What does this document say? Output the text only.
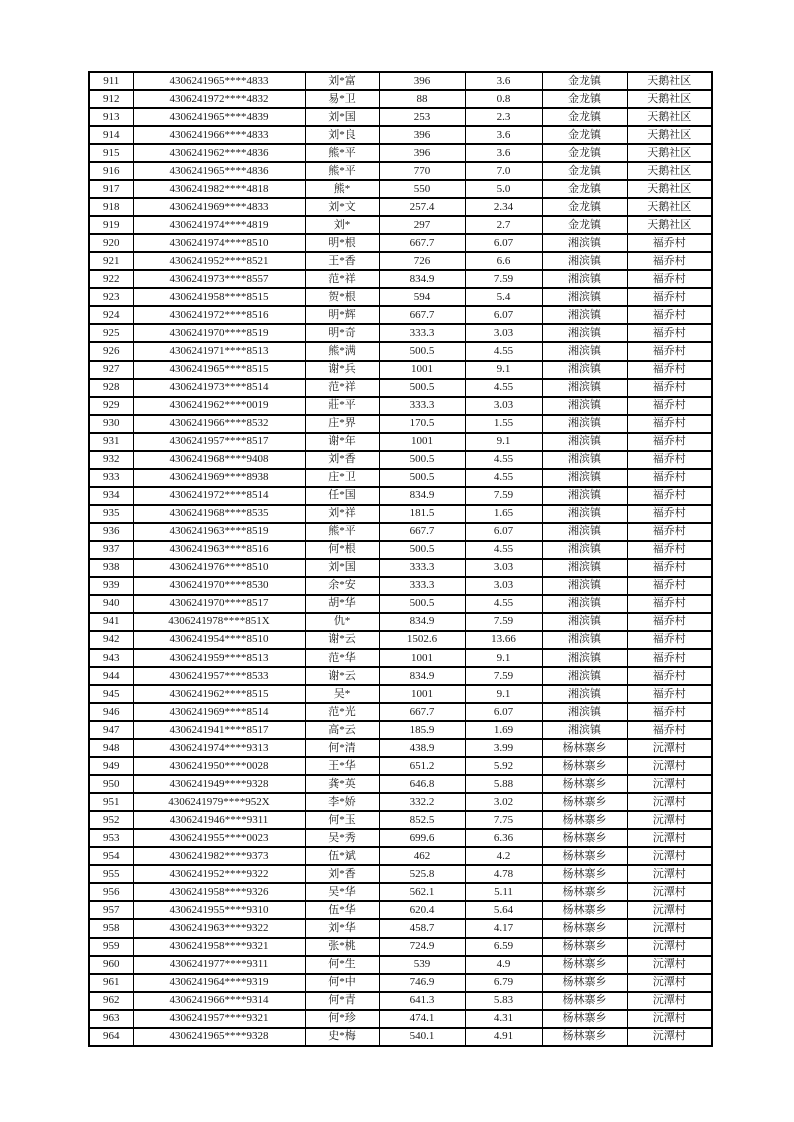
911	4306241965****4833	刘*富	396	3.6	金龙镇	天鹅社区
912	4306241972****4832	易*卫	88	0.8	金龙镇	天鹅社区
913	4306241965****4839	刘*国	253	2.3	金龙镇	天鹅社区
914	4306241966****4833	刘*良	396	3.6	金龙镇	天鹅社区
915	4306241962****4836	熊*平	396	3.6	金龙镇	天鹅社区
916	4306241965****4836	熊*平	770	7.0	金龙镇	天鹅社区
917	4306241982****4818	熊*	550	5.0	金龙镇	天鹅社区
918	4306241969****4833	刘*文	257.4	2.34	金龙镇	天鹅社区
919	4306241974****4819	刘*	297	2.7	金龙镇	天鹅社区
920	4306241974****8510	明*根	667.7	6.07	湘滨镇	福乔村
921	4306241952****8521	王*香	726	6.6	湘滨镇	福乔村
922	4306241973****8557	范*祥	834.9	7.59	湘滨镇	福乔村
923	4306241958****8515	贺*根	594	5.4	湘滨镇	福乔村
924	4306241972****8516	明*辉	667.7	6.07	湘滨镇	福乔村
925	4306241970****8519	明*奇	333.3	3.03	湘滨镇	福乔村
926	4306241971****8513	熊*满	500.5	4.55	湘滨镇	福乔村
927	4306241965****8515	谢*兵	1001	9.1	湘滨镇	福乔村
928	4306241973****8514	范*祥	500.5	4.55	湘滨镇	福乔村
929	4306241962****0019	莊*平	333.3	3.03	湘滨镇	福乔村
930	4306241966****8532	庄*界	170.5	1.55	湘滨镇	福乔村
931	4306241957****8517	谢*年	1001	9.1	湘滨镇	福乔村
932	4306241968****9408	刘*香	500.5	4.55	湘滨镇	福乔村
933	4306241969****8938	庄*卫	500.5	4.55	湘滨镇	福乔村
934	4306241972****8514	任*国	834.9	7.59	湘滨镇	福乔村
935	4306241968****8535	刘*祥	181.5	1.65	湘滨镇	福乔村
936	4306241963****8519	熊*平	667.7	6.07	湘滨镇	福乔村
937	4306241963****8516	何*根	500.5	4.55	湘滨镇	福乔村
938	4306241976****8510	刘*国	333.3	3.03	湘滨镇	福乔村
939	4306241970****8530	余*安	333.3	3.03	湘滨镇	福乔村
940	4306241970****8517	胡*华	500.5	4.55	湘滨镇	福乔村
941	4306241978****851X	仇*	834.9	7.59	湘滨镇	福乔村
942	4306241954****8510	谢*云	1502.6	13.66	湘滨镇	福乔村
943	4306241959****8513	范*华	1001	9.1	湘滨镇	福乔村
944	4306241957****8533	谢*云	834.9	7.59	湘滨镇	福乔村
945	4306241962****8515	吴*	1001	9.1	湘滨镇	福乔村
946	4306241969****8514	范*光	667.7	6.07	湘滨镇	福乔村
947	4306241941****8517	高*云	185.9	1.69	湘滨镇	福乔村
948	4306241974****9313	何*清	438.9	3.99	杨林寨乡	沅潭村
949	4306241950****0028	王*华	651.2	5.92	杨林寨乡	沅潭村
950	4306241949****9328	龚*英	646.8	5.88	杨林寨乡	沅潭村
951	4306241979****952X	李*娇	332.2	3.02	杨林寨乡	沅潭村
952	4306241946****9311	何*玉	852.5	7.75	杨林寨乡	沅潭村
953	4306241955****0023	吴*秀	699.6	6.36	杨林寨乡	沅潭村
954	4306241982****9373	伍*斌	462	4.2	杨林寨乡	沅潭村
955	4306241952****9322	刘*香	525.8	4.78	杨林寨乡	沅潭村
956	4306241958****9326	吴*华	562.1	5.11	杨林寨乡	沅潭村
957	4306241955****9310	伍*华	620.4	5.64	杨林寨乡	沅潭村
958	4306241963****9322	刘*华	458.7	4.17	杨林寨乡	沅潭村
959	4306241958****9321	张*桃	724.9	6.59	杨林寨乡	沅潭村
960	4306241977****9311	何*生	539	4.9	杨林寨乡	沅潭村
961	4306241964****9319	何*中	746.9	6.79	杨林寨乡	沅潭村
962	4306241966****9314	何*青	641.3	5.83	杨林寨乡	沅潭村
963	4306241957****9321	何*珍	474.1	4.31	杨林寨乡	沅潭村
964	4306241965****9328	史*梅	540.1	4.91	杨林寨乡	沅潭村
